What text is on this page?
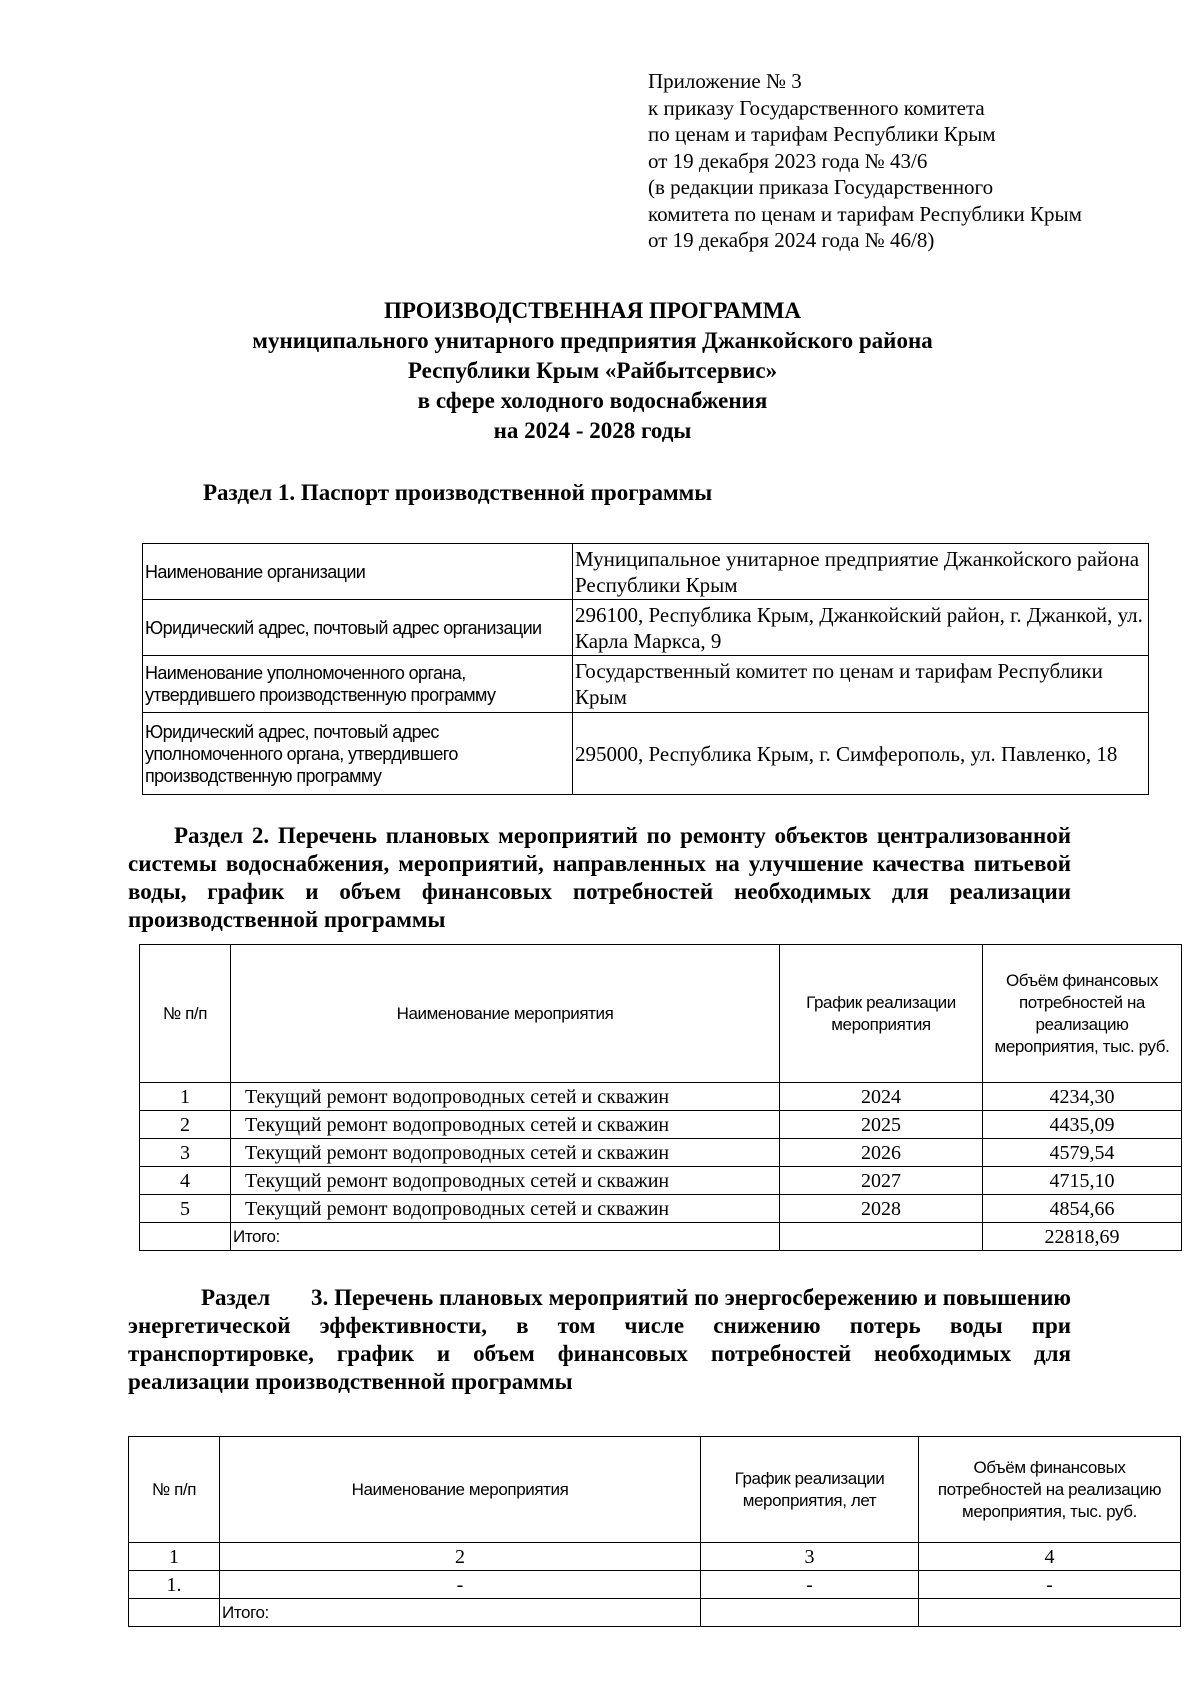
Приложение № 3
к приказу Государственного комитета
по ценам и тарифам Республики Крым
от 19 декабря 2023 года № 43/6
(в редакции приказа Государственного
комитета по ценам и тарифам Республики Крым
от 19 декабря 2024 года № 46/8)
ПРОИЗВОДСТВЕННАЯ ПРОГРАММА
муниципального унитарного предприятия Джанкойского района
Республики Крым «Райбытсервис»
в сфере холодного водоснабжения
на 2024 - 2028 годы
Раздел 1. Паспорт производственной программы
Наименование организации	Муниципальное унитарное предприятие Джанкойского района Республики Крым
Юридический адрес, почтовый адрес организации	296100, Республика Крым, Джанкойский район, г. Джанкой, ул. Карла Маркса, 9
Наименование уполномоченного органа, утвердившего производственную программу	Государственный комитет по ценам и тарифам Республики Крым
Юридический адрес, почтовый адрес уполномоченного органа, утвердившего производственную программу	295000, Республика Крым, г. Симферополь, ул. Павленко, 18
Раздел 2. Перечень плановых мероприятий по ремонту объектов централизованной системы водоснабжения, мероприятий, направленных на улучшение качества питьевой воды, график и объем финансовых потребностей необходимых для реализации производственной программы
№ п/п	Наименование мероприятия	График реализации мероприятия	Объём финансовых потребностей на реализацию мероприятия, тыс. руб.
1	Текущий ремонт водопроводных сетей и скважин	2024	4234,30
2	Текущий ремонт водопроводных сетей и скважин	2025	4435,09
3	Текущий ремонт водопроводных сетей и скважин	2026	4579,54
4	Текущий ремонт водопроводных сетей и скважин	2027	4715,10
5	Текущий ремонт водопроводных сетей и скважин	2028	4854,66
	Итого:		22818,69
Раздел 3. Перечень плановых мероприятий по энергосбережению и повышению энергетической эффективности, в том числе снижению потерь воды при транспортировке, график и объем финансовых потребностей необходимых для реализации производственной программы
№ п/п	Наименование мероприятия	График реализации мероприятия, лет	Объём финансовых потребностей на реализацию мероприятия, тыс. руб.
1	2	3	4
1.	-	-	-
	Итого:		
